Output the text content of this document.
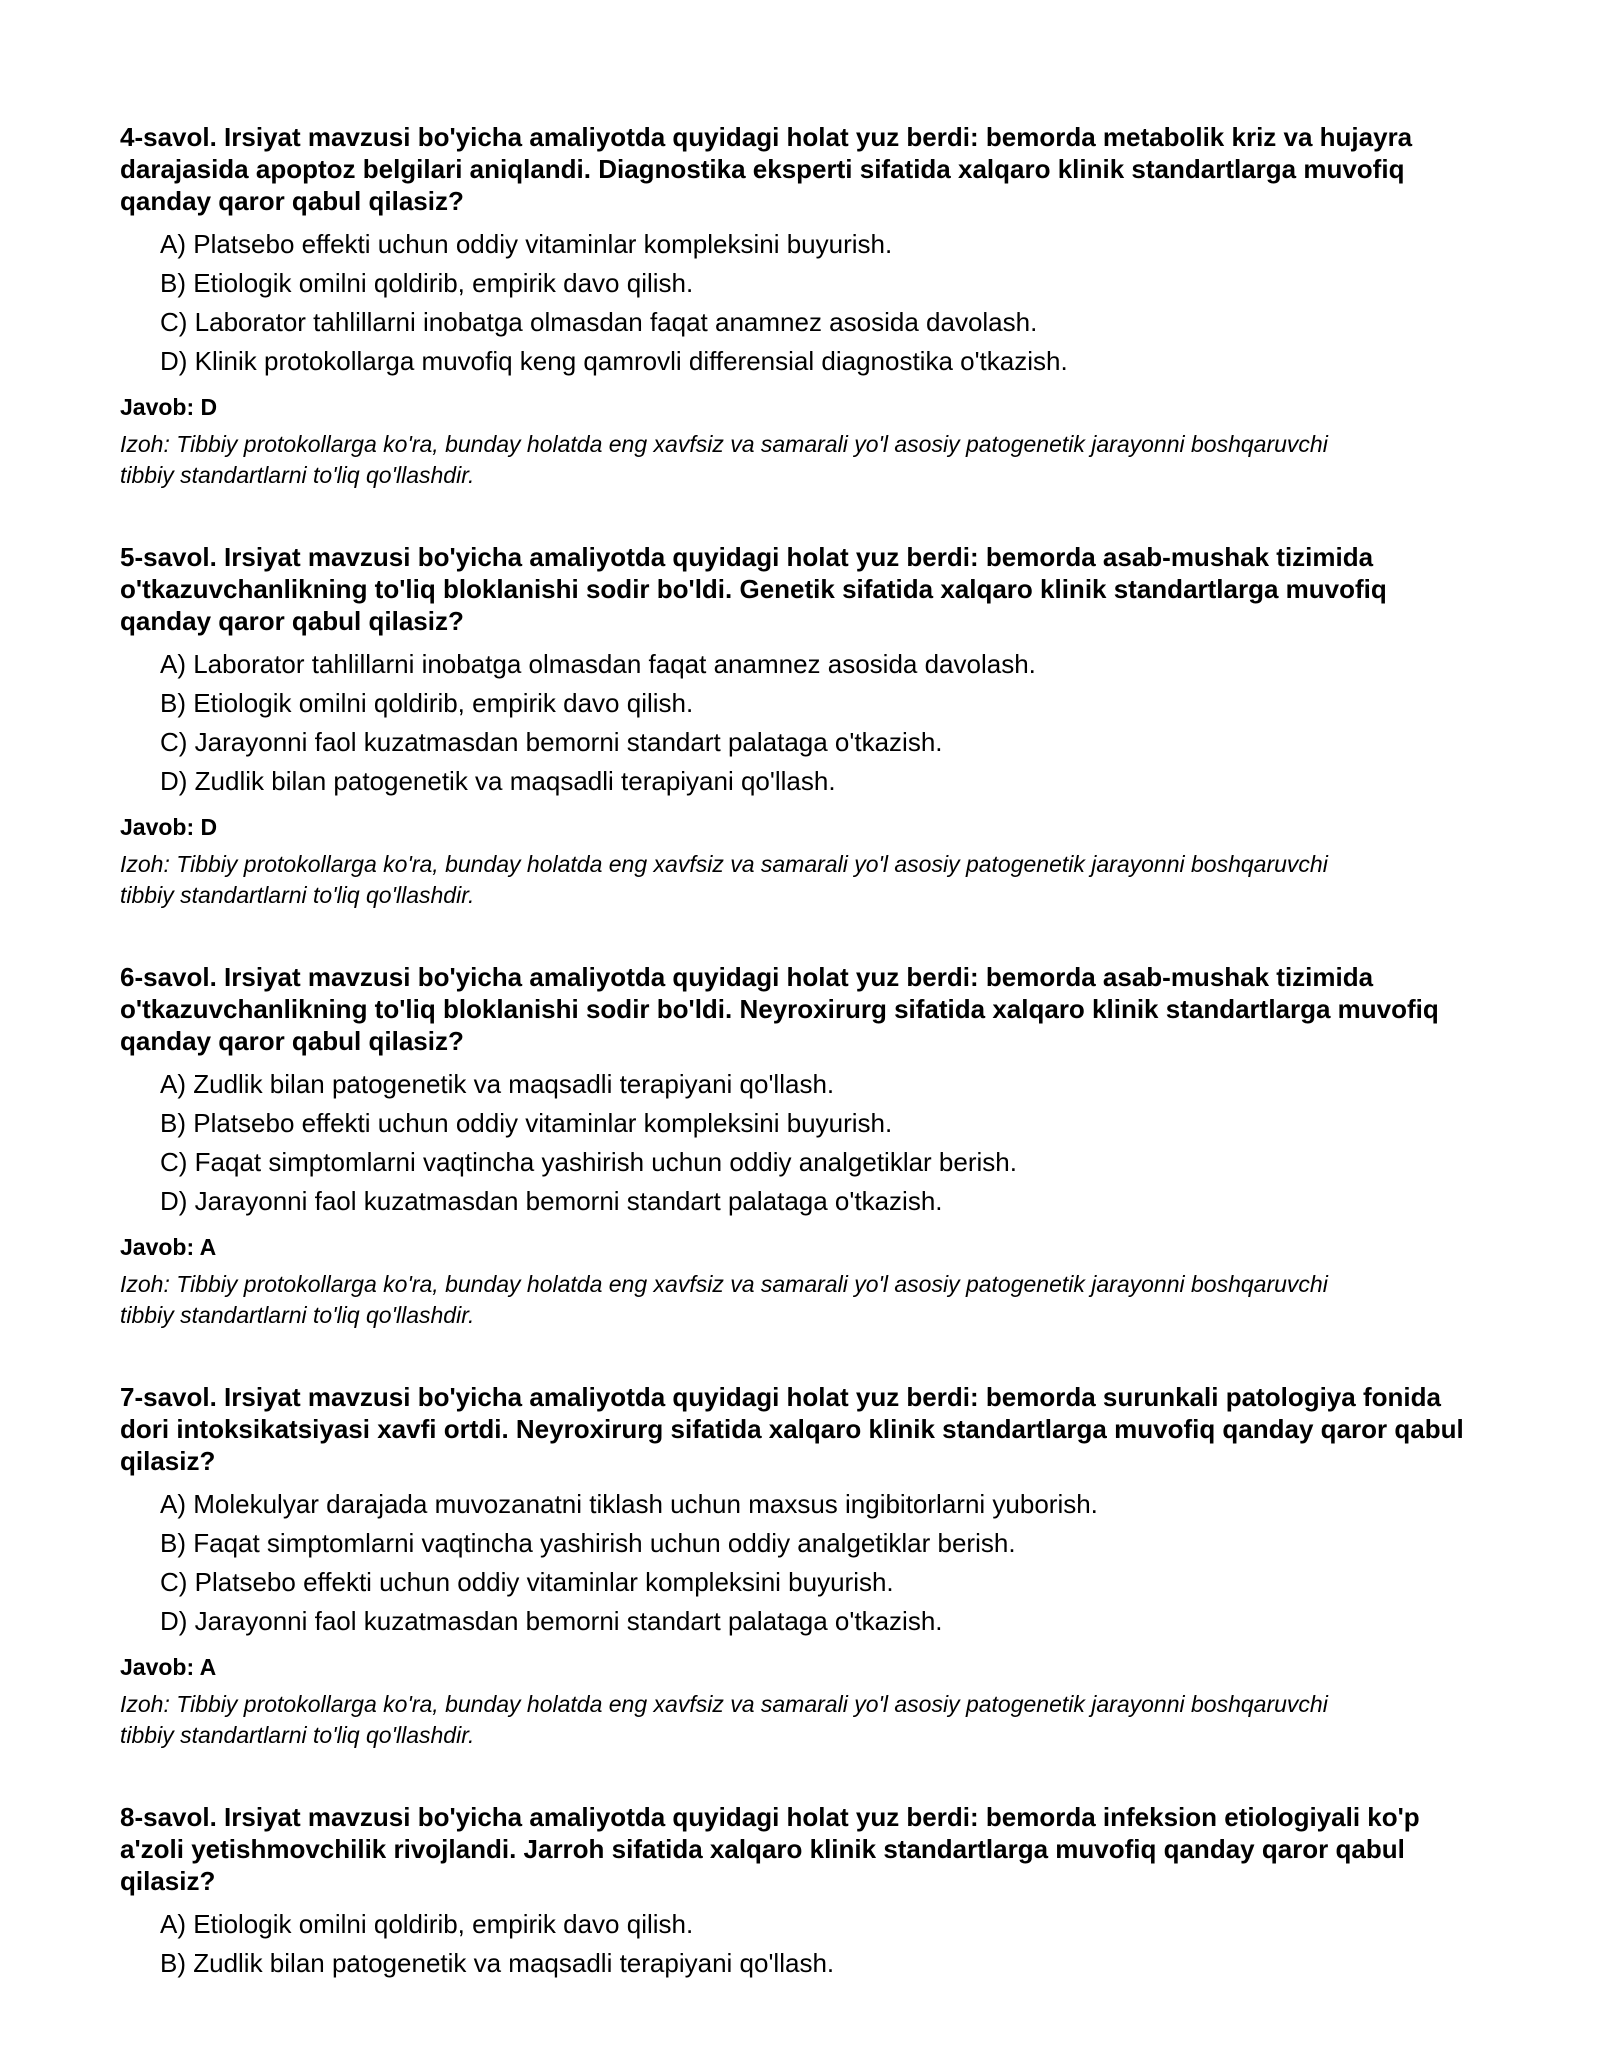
4-savol. Irsiyat mavzusi bo'yicha amaliyotda quyidagi holat yuz berdi: bemorda metabolik kriz va hujayra darajasida apoptoz belgilari aniqlandi. Diagnostika eksperti sifatida xalqaro klinik standartlarga muvofiq qanday qaror qabul qilasiz?
A) Platsebo effekti uchun oddiy vitaminlar kompleksini buyurish.
B) Etiologik omilni qoldirib, empirik davo qilish.
C) Laborator tahlillarni inobatga olmasdan faqat anamnez asosida davolash.
D) Klinik protokollarga muvofiq keng qamrovli differensial diagnostika o'tkazish.
Javob: D
Izoh: Tibbiy protokollarga ko'ra, bunday holatda eng xavfsiz va samarali yo'l asosiy patogenetik jarayonni boshqaruvchi tibbiy standartlarni to'liq qo'llashdir.
5-savol. Irsiyat mavzusi bo'yicha amaliyotda quyidagi holat yuz berdi: bemorda asab-mushak tizimida o'tkazuvchanlikning to'liq bloklanishi sodir bo'ldi. Genetik sifatida xalqaro klinik standartlarga muvofiq qanday qaror qabul qilasiz?
A) Laborator tahlillarni inobatga olmasdan faqat anamnez asosida davolash.
B) Etiologik omilni qoldirib, empirik davo qilish.
C) Jarayonni faol kuzatmasdan bemorni standart palataga o'tkazish.
D) Zudlik bilan patogenetik va maqsadli terapiyani qo'llash.
Javob: D
Izoh: Tibbiy protokollarga ko'ra, bunday holatda eng xavfsiz va samarali yo'l asosiy patogenetik jarayonni boshqaruvchi tibbiy standartlarni to'liq qo'llashdir.
6-savol. Irsiyat mavzusi bo'yicha amaliyotda quyidagi holat yuz berdi: bemorda asab-mushak tizimida o'tkazuvchanlikning to'liq bloklanishi sodir bo'ldi. Neyroxirurg sifatida xalqaro klinik standartlarga muvofiq qanday qaror qabul qilasiz?
A) Zudlik bilan patogenetik va maqsadli terapiyani qo'llash.
B) Platsebo effekti uchun oddiy vitaminlar kompleksini buyurish.
C) Faqat simptomlarni vaqtincha yashirish uchun oddiy analgetiklar berish.
D) Jarayonni faol kuzatmasdan bemorni standart palataga o'tkazish.
Javob: A
Izoh: Tibbiy protokollarga ko'ra, bunday holatda eng xavfsiz va samarali yo'l asosiy patogenetik jarayonni boshqaruvchi tibbiy standartlarni to'liq qo'llashdir.
7-savol. Irsiyat mavzusi bo'yicha amaliyotda quyidagi holat yuz berdi: bemorda surunkali patologiya fonida dori intoksikatsiyasi xavfi ortdi. Neyroxirurg sifatida xalqaro klinik standartlarga muvofiq qanday qaror qabul qilasiz?
A) Molekulyar darajada muvozanatni tiklash uchun maxsus ingibitorlarni yuborish.
B) Faqat simptomlarni vaqtincha yashirish uchun oddiy analgetiklar berish.
C) Platsebo effekti uchun oddiy vitaminlar kompleksini buyurish.
D) Jarayonni faol kuzatmasdan bemorni standart palataga o'tkazish.
Javob: A
Izoh: Tibbiy protokollarga ko'ra, bunday holatda eng xavfsiz va samarali yo'l asosiy patogenetik jarayonni boshqaruvchi tibbiy standartlarni to'liq qo'llashdir.
8-savol. Irsiyat mavzusi bo'yicha amaliyotda quyidagi holat yuz berdi: bemorda infeksion etiologiyali ko'p a'zoli yetishmovchilik rivojlandi. Jarroh sifatida xalqaro klinik standartlarga muvofiq qanday qaror qabul qilasiz?
A) Etiologik omilni qoldirib, empirik davo qilish.
B) Zudlik bilan patogenetik va maqsadli terapiyani qo'llash.
